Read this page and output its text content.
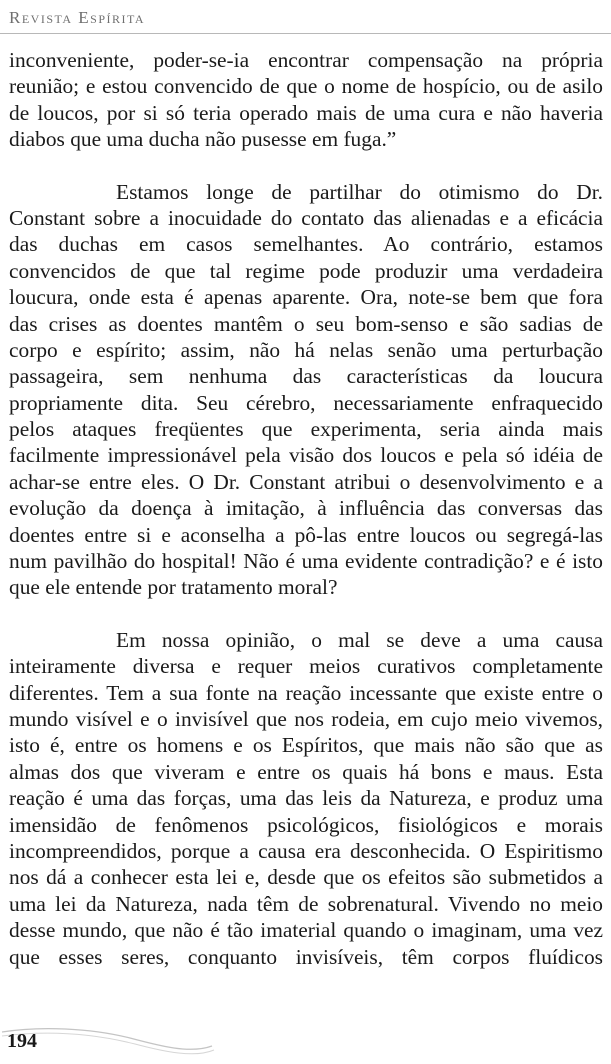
Revista Espírita

inconveniente, poder-se-ia encontrar compensação na própria
reunião; e estou convencido de que o nome de hospício, ou de asilo
de loucos, por si só teria operado mais de uma cura e não haveria
diabos que uma ducha não pusesse em fuga.”

Estamos longe de partilhar do otimismo do Dr.
Constant sobre a inocuidade do contato das alienadas e a eficácia
das duchas em casos semelhantes. Ao contrário, estamos
convencidos de que tal regime pode produzir uma verdadeira
loucura, onde esta é apenas aparente. Ora, note-se bem que fora
das crises as doentes mantêm o seu bom-senso e são sadias de
corpo e espírito; assim, não há nelas senão uma perturbação
passageira, sem nenhuma das características da loucura
propriamente dita. Seu cérebro, necessariamente enfraquecido
pelos ataques freqüentes que experimenta, seria ainda mais
facilmente impressionável pela visão dos loucos e pela só idéia de
achar-se entre eles. O Dr. Constant atribui o desenvolvimento e a
evolução da doença à imitação, à influência das conversas das
doentes entre si e aconselha a pô-las entre loucos ou segregá-las
num pavilhão do hospital! Não é uma evidente contradição? e é isto
que ele entende por tratamento moral?

Em nossa opinião, o mal se deve a uma causa
inteiramente diversa e requer meios curativos completamente
diferentes. Tem a sua fonte na reação incessante que existe entre o
mundo visível e o invisível que nos rodeia, em cujo meio vivemos,
isto é, entre os homens e os Espíritos, que mais não são que as
almas dos que viveram e entre os quais há bons e maus. Esta
reação é uma das forças, uma das leis da Natureza, e produz uma
imensidão de fenômenos psicológicos, fisiológicos e morais
incompreendidos, porque a causa era desconhecida. O Espiritismo
nos dá a conhecer esta lei e, desde que os efeitos são submetidos a
uma lei da Natureza, nada têm de sobrenatural. Vivendo no meio
desse mundo, que não é tão imaterial quando o imaginam, uma vez
que esses seres, conquanto invisíveis, têm corpos fluídicos

194
